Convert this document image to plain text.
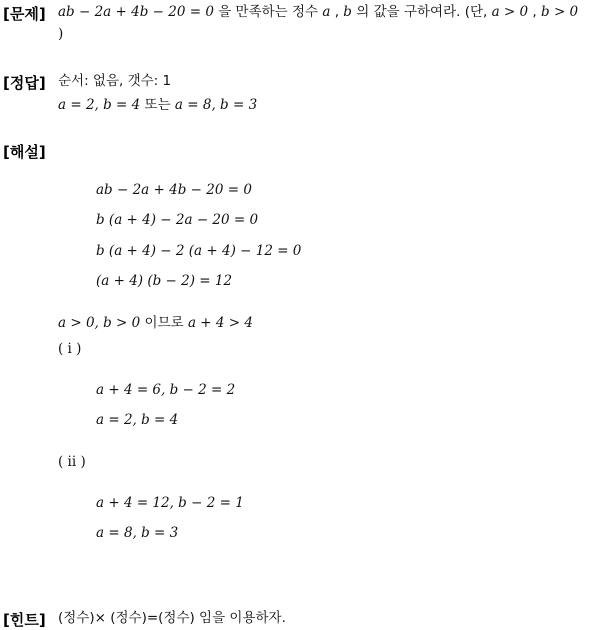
[문제] ab − 2a + 4b − 20 = 0 을 만족하는 정수 a , b 의 값을 구하여라. (단, a > 0 , b > 0
)
[정답] 순서: 없음, 갯수: 1
a = 2, b = 4 또는 a = 8, b = 3
[해설]
ab − 2a + 4b − 20 = 0
b (a + 4) − 2a − 20 = 0
b (a + 4) − 2 (a + 4) − 12 = 0
(a + 4) (b − 2) = 12
a > 0, b > 0 이므로 a + 4 > 4
( i )
a + 4 = 6, b − 2 = 2
a = 2, b = 4
( ii )
a + 4 = 12, b − 2 = 1
a = 8, b = 3
[힌트] (정수)× (정수)=(정수) 임을 이용하자.
